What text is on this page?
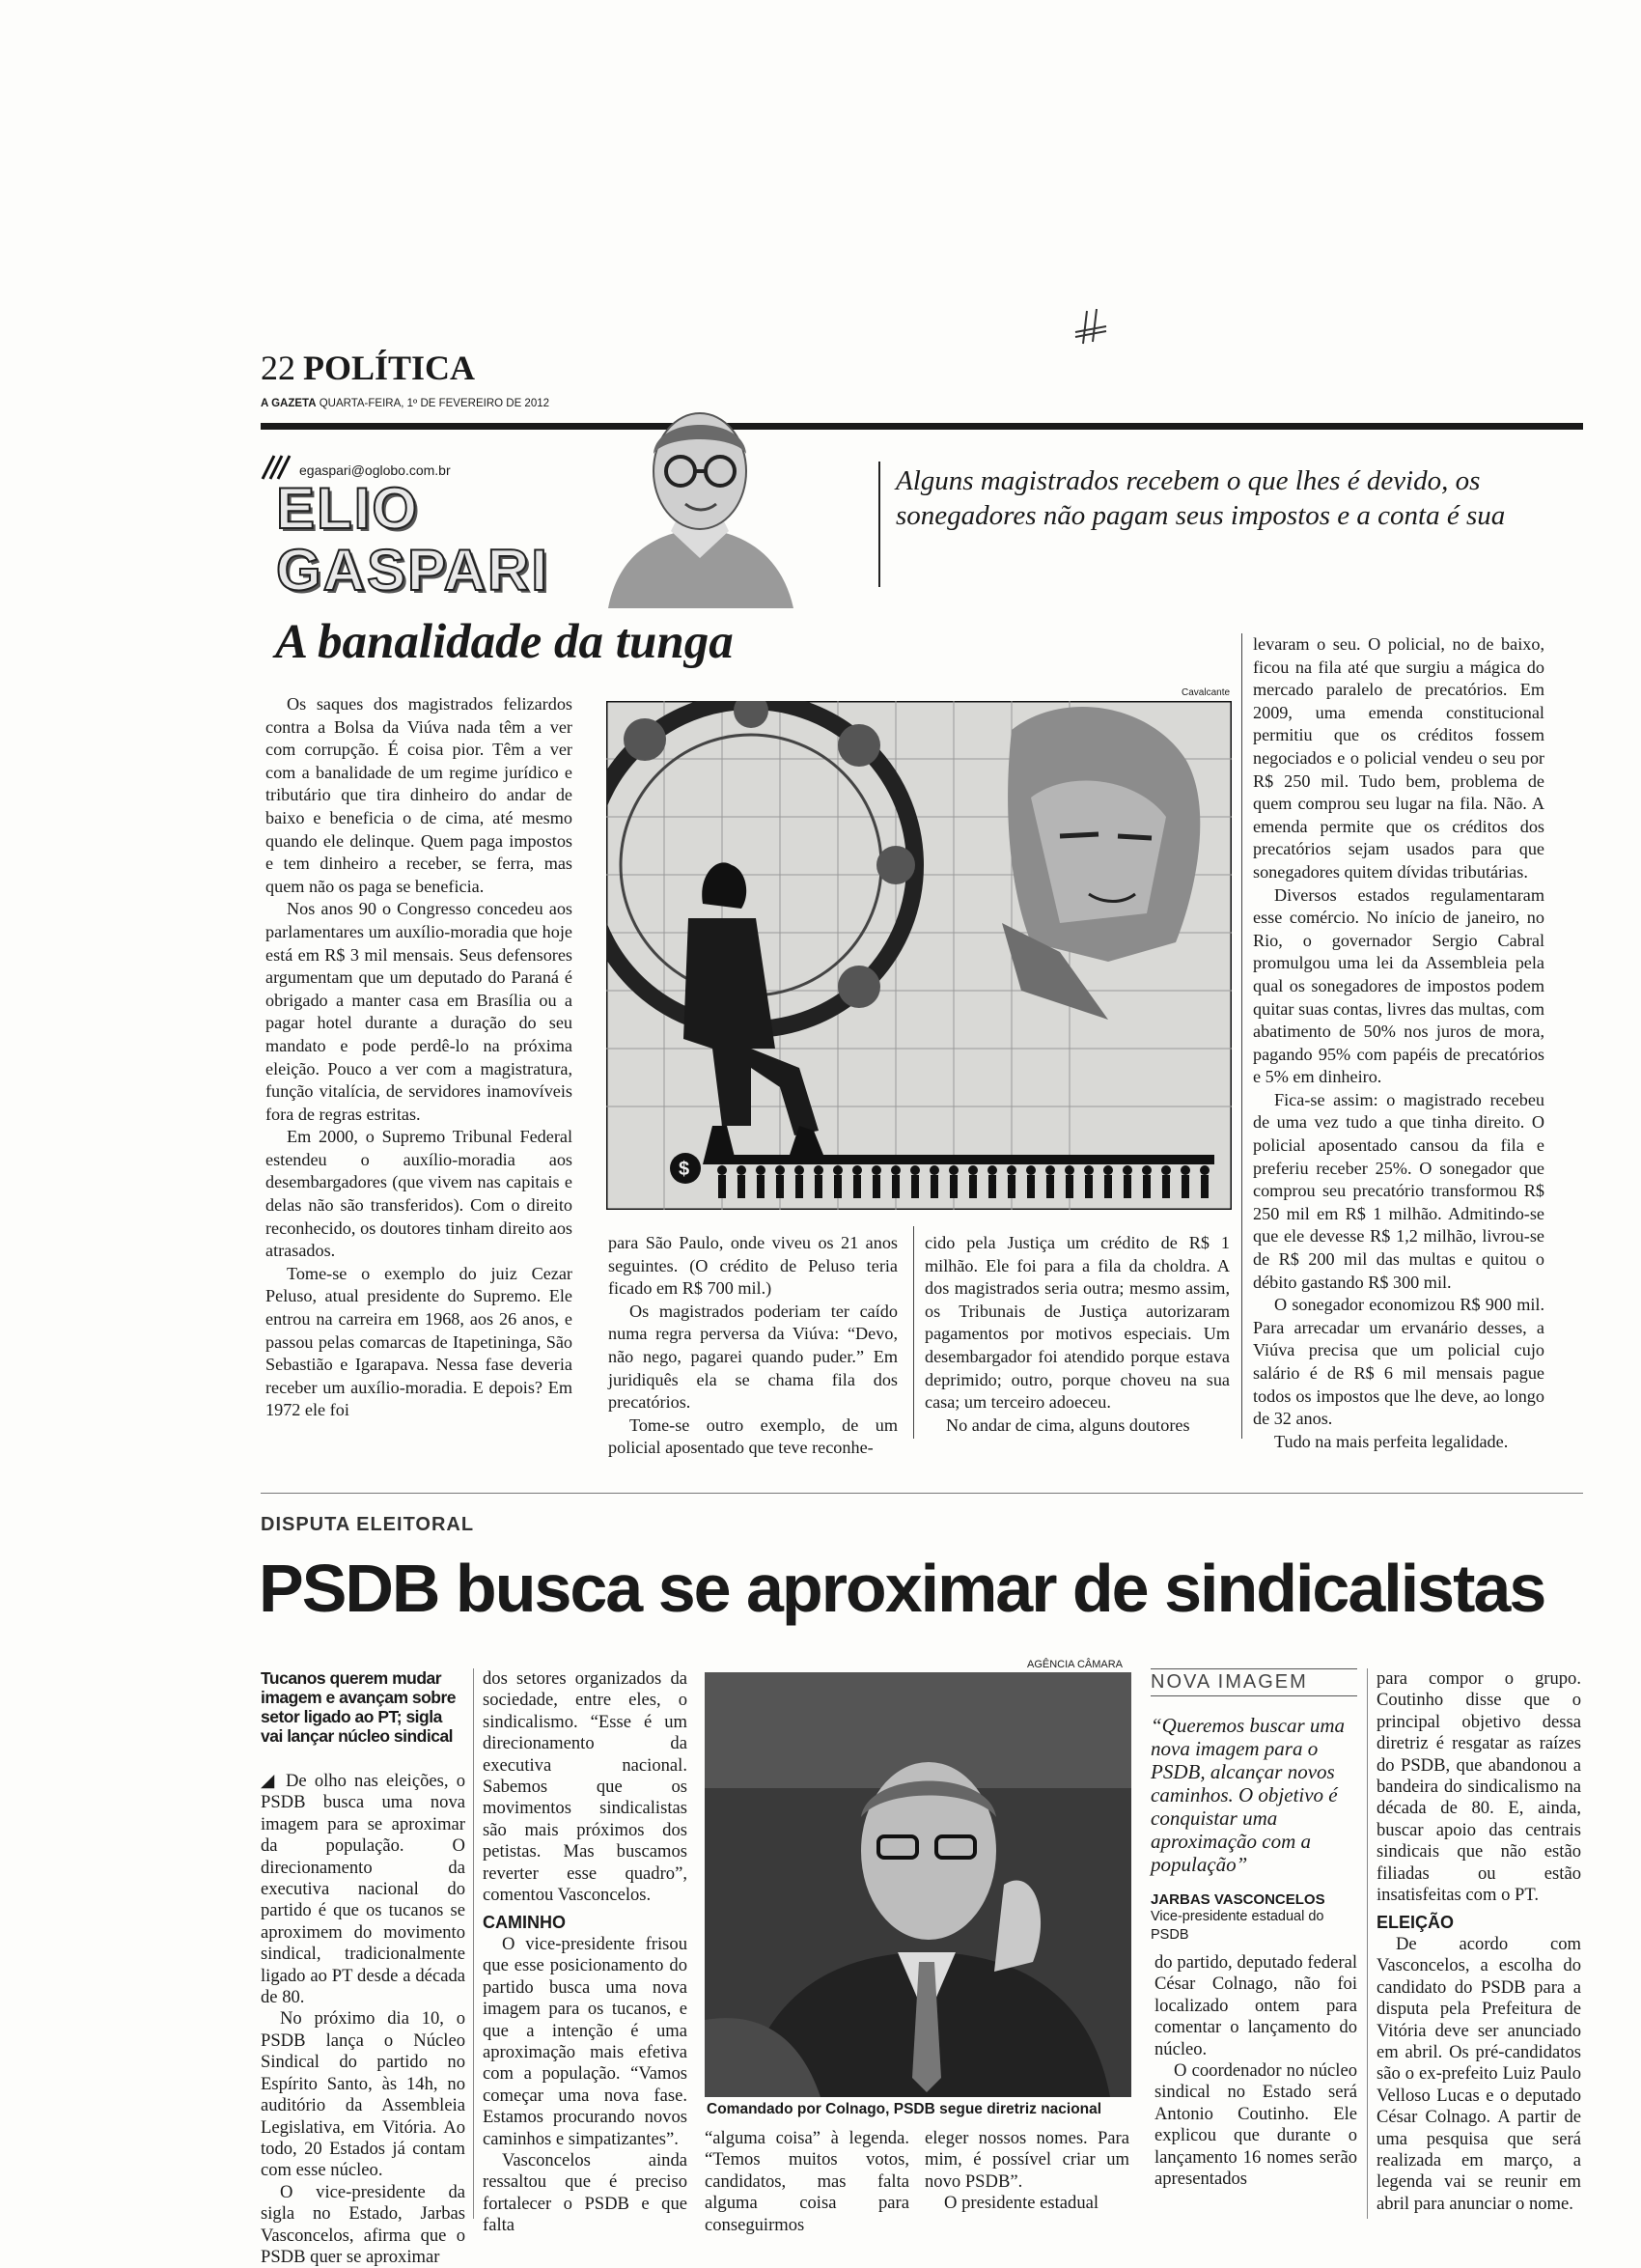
22 POLÍTICA
A GAZETA QUARTA-FEIRA, 1º DE FEVEREIRO DE 2012
egaspari@oglobo.com.br
ELIO
GASPARI
Alguns magistrados recebem o que lhes é devido, os sonegadores não pagam seus impostos e a conta é sua
A banalidade da tunga

Os saques dos magistrados felizardos contra a Bolsa da Viúva nada têm a ver com corrupção. É coisa pior. Têm a ver com a banalidade de um regime jurídico e tributário que tira dinheiro do andar de baixo e beneficia o de cima, até mesmo quando ele delinque. Quem paga impostos e tem dinheiro a receber, se ferra, mas quem não os paga se beneficia.

Nos anos 90 o Congresso concedeu aos parlamentares um auxílio-moradia que hoje está em R$ 3 mil mensais. Seus defensores argumentam que um deputado do Paraná é obrigado a manter casa em Brasília ou a pagar hotel durante a duração do seu mandato e pode perdê-lo na próxima eleição. Pouco a ver com a magistratura, função vitalícia, de servidores inamovíveis fora de regras estritas.

Em 2000, o Supremo Tribunal Federal estendeu o auxílio-moradia aos desembargadores (que vivem nas capitais e delas não são transferidos). Com o direito reconhecido, os doutores tinham direito aos atrasados.

Tome-se o exemplo do juiz Cezar Peluso, atual presidente do Supremo. Ele entrou na carreira em 1968, aos 26 anos, e passou pelas comarcas de Itapetininga, São Sebastião e Igarapava. Nessa fase deveria receber um auxílio-moradia. E depois? Em 1972 ele foi

Cavalcante
$

para São Paulo, onde viveu os 21 anos seguintes. (O crédito de Peluso teria ficado em R$ 700 mil.)

Os magistrados poderiam ter caído numa regra perversa da Viúva: “Devo, não nego, pagarei quando puder.” Em juridiquês ela se chama fila dos precatórios.

Tome-se outro exemplo, de um policial aposentado que teve reconhe-

cido pela Justiça um crédito de R$ 1 milhão. Ele foi para a fila da choldra. A dos magistrados seria outra; mesmo assim, os Tribunais de Justiça autorizaram pagamentos por motivos especiais. Um desembargador foi atendido porque estava deprimido; outro, porque choveu na sua casa; um terceiro adoeceu.

No andar de cima, alguns doutores

levaram o seu. O policial, no de baixo, ficou na fila até que surgiu a mágica do mercado paralelo de precatórios. Em 2009, uma emenda constitucional permitiu que os créditos fossem negociados e o policial vendeu o seu por R$ 250 mil. Tudo bem, problema de quem comprou seu lugar na fila. Não. A emenda permite que os créditos dos precatórios sejam usados para que sonegadores quitem dívidas tributárias.

Diversos estados regulamentaram esse comércio. No início de janeiro, no Rio, o governador Sergio Cabral promulgou uma lei da Assembleia pela qual os sonegadores de impostos podem quitar suas contas, livres das multas, com abatimento de 50% nos juros de mora, pagando 95% com papéis de precatórios e 5% em dinheiro.

Fica-se assim: o magistrado recebeu de uma vez tudo a que tinha direito. O policial aposentado cansou da fila e preferiu receber 25%. O sonegador que comprou seu precatório transformou R$ 250 mil em R$ 1 milhão. Admitindo-se que ele devesse R$ 1,2 milhão, livrou-se de R$ 200 mil das multas e quitou o débito gastando R$ 300 mil.

O sonegador economizou R$ 900 mil. Para arrecadar um ervanário desses, a Viúva precisa que um policial cujo salário é de R$ 6 mil mensais pague todos os impostos que lhe deve, ao longo de 32 anos.

Tudo na mais perfeita legalidade.

DISPUTA ELEITORAL
PSDB busca se aproximar de sindicalistas
Tucanos querem mudar imagem e avançam sobre setor ligado ao PT; sigla vai lançar núcleo sindical

◢ De olho nas eleições, o PSDB busca uma nova imagem para se aproximar da população. O direcionamento da executiva nacional do partido é que os tucanos se aproximem do movimento sindical, tradicionalmente ligado ao PT desde a década de 80.

No próximo dia 10, o PSDB lança o Núcleo Sindical do partido no Espírito Santo, às 14h, no auditório da Assembleia Legislativa, em Vitória. Ao todo, 20 Estados já contam com esse núcleo.

O vice-presidente da sigla no Estado, Jarbas Vasconcelos, afirma que o PSDB quer se aproximar

dos setores organizados da sociedade, entre eles, o sindicalismo. “Esse é um direcionamento da executiva nacional. Sabemos que os movimentos sindicalistas são mais próximos dos petistas. Mas buscamos reverter esse quadro”, comentou Vasconcelos.

CAMINHO

O vice-presidente frisou que esse posicionamento do partido busca uma nova imagem para os tucanos, e que a intenção é uma aproximação mais efetiva com a população. “Vamos começar uma nova fase. Estamos procurando novos caminhos e simpatizantes”.

Vasconcelos ainda ressaltou que é preciso fortalecer o PSDB e que falta

AGÊNCIA CÂMARA
Comandado por Colnago, PSDB segue diretriz nacional

“alguma coisa” à legenda. “Temos muitos votos, candidatos, mas falta alguma coisa para conseguirmos

eleger nossos nomes. Para mim, é possível criar um novo PSDB”.

O presidente estadual

NOVA IMAGEM
“Queremos buscar uma nova imagem para o PSDB, alcançar novos caminhos. O objetivo é conquistar uma aproximação com a população”
JARBAS VASCONCELOS
Vice-presidente estadual do PSDB

do partido, deputado federal César Colnago, não foi localizado ontem para comentar o lançamento do núcleo.

O coordenador no núcleo sindical no Estado será Antonio Coutinho. Ele explicou que durante o lançamento 16 nomes serão apresentados

para compor o grupo. Coutinho disse que o principal objetivo dessa diretriz é resgatar as raízes do PSDB, que abandonou a bandeira do sindicalismo na década de 80. E, ainda, buscar apoio das centrais sindicais que não estão filiadas ou estão insatisfeitas com o PT.

ELEIÇÃO

De acordo com Vasconcelos, a escolha do candidato do PSDB para a disputa pela Prefeitura de Vitória deve ser anunciado em abril. Os pré-candidatos são o ex-prefeito Luiz Paulo Velloso Lucas e o deputado César Colnago. A partir de uma pesquisa que será realizada em março, a legenda vai se reunir em abril para anunciar o nome.
